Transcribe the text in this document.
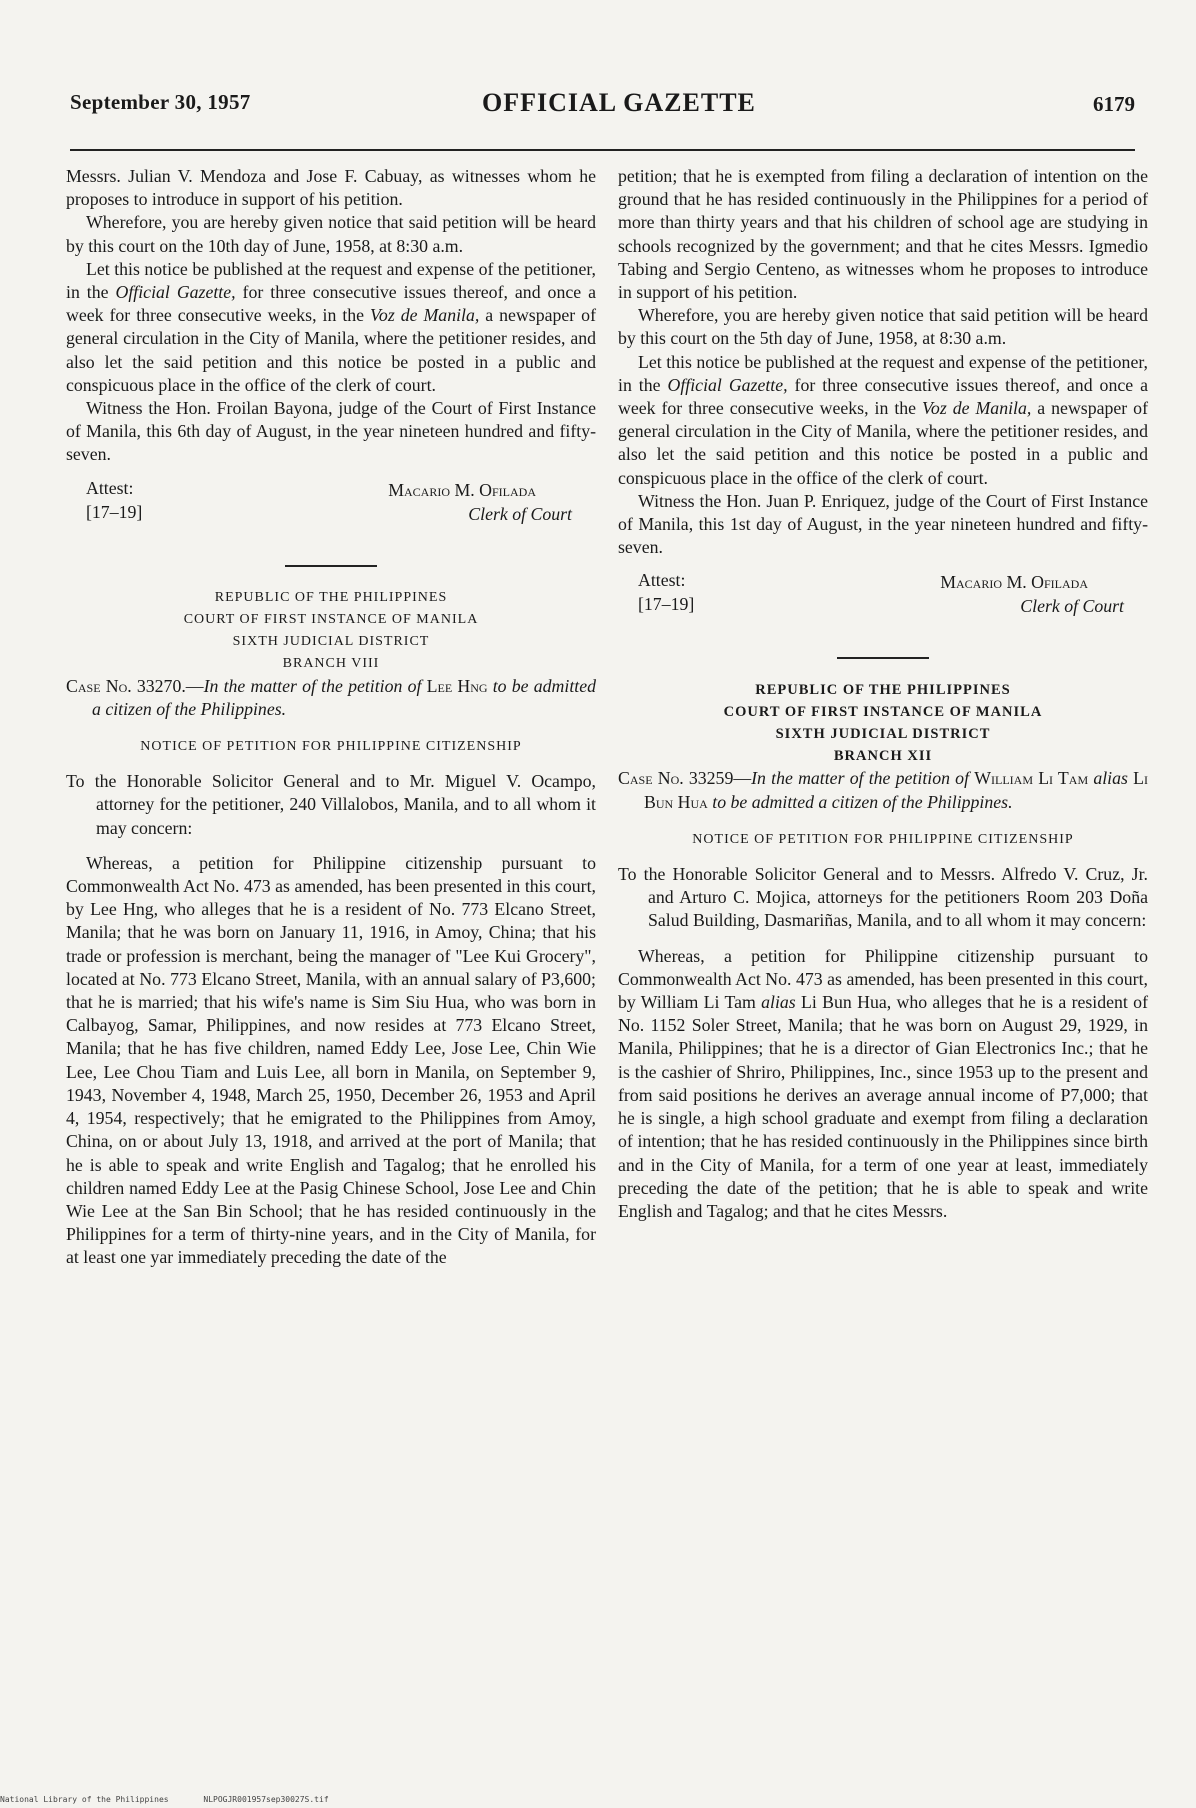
September 30, 1957	OFFICIAL GAZETTE	6179

Messrs. Julian V. Mendoza and Jose F. Cabuay, as witnesses whom he proposes to introduce in support of his petition.

Wherefore, you are hereby given notice that said petition will be heard by this court on the 10th day of June, 1958, at 8:30 a.m.

Let this notice be published at the request and expense of the petitioner, in the Official Gazette, for three consecutive issues thereof, and once a week for three consecutive weeks, in the Voz de Manila, a newspaper of general circulation in the City of Manila, where the petitioner resides, and also let the said petition and this notice be posted in a public and conspicuous place in the office of the clerk of court.

Witness the Hon. Froilan Bayona, judge of the Court of First Instance of Manila, this 6th day of August, in the year nineteen hundred and fifty-seven.

Attest:
[17–19]
Macario M. Ofilada
Clerk of Court
REPUBLIC OF THE PHILIPPINES
COURT OF FIRST INSTANCE OF MANILA
SIXTH JUDICIAL DISTRICT
BRANCH VIII

Case No. 33270.—In the matter of the petition of Lee Hng to be admitted a citizen of the Philippines.

NOTICE OF PETITION FOR PHILIPPINE CITIZENSHIP

To the Honorable Solicitor General and to Mr. Miguel V. Ocampo, attorney for the petitioner, 240 Villalobos, Manila, and to all whom it may concern:

Whereas, a petition for Philippine citizenship pursuant to Commonwealth Act No. 473 as amended, has been presented in this court, by Lee Hng, who alleges that he is a resident of No. 773 Elcano Street, Manila; that he was born on January 11, 1916, in Amoy, China; that his trade or profession is merchant, being the manager of "Lee Kui Grocery", located at No. 773 Elcano Street, Manila, with an annual salary of P3,600; that he is married; that his wife's name is Sim Siu Hua, who was born in Calbayog, Samar, Philippines, and now resides at 773 Elcano Street, Manila; that he has five children, named Eddy Lee, Jose Lee, Chin Wie Lee, Lee Chou Tiam and Luis Lee, all born in Manila, on September 9, 1943, November 4, 1948, March 25, 1950, December 26, 1953 and April 4, 1954, respectively; that he emigrated to the Philippines from Amoy, China, on or about July 13, 1918, and arrived at the port of Manila; that he is able to speak and write English and Tagalog; that he enrolled his children named Eddy Lee at the Pasig Chinese School, Jose Lee and Chin Wie Lee at the San Bin School; that he has resided continuously in the Philippines for a term of thirty-nine years, and in the City of Manila, for at least one yar immediately preceding the date of the

petition; that he is exempted from filing a declaration of intention on the ground that he has resided continuously in the Philippines for a period of more than thirty years and that his children of school age are studying in schools recognized by the government; and that he cites Messrs. Igmedio Tabing and Sergio Centeno, as witnesses whom he proposes to introduce in support of his petition.

Wherefore, you are hereby given notice that said petition will be heard by this court on the 5th day of June, 1958, at 8:30 a.m.

Let this notice be published at the request and expense of the petitioner, in the Official Gazette, for three consecutive issues thereof, and once a week for three consecutive weeks, in the Voz de Manila, a newspaper of general circulation in the City of Manila, where the petitioner resides, and also let the said petition and this notice be posted in a public and conspicuous place in the office of the clerk of court.

Witness the Hon. Juan P. Enriquez, judge of the Court of First Instance of Manila, this 1st day of August, in the year nineteen hundred and fifty-seven.

Attest:
[17–19]
Macario M. Ofilada
Clerk of Court
REPUBLIC OF THE PHILIPPINES
COURT OF FIRST INSTANCE OF MANILA
SIXTH JUDICIAL DISTRICT
BRANCH XII

Case No. 33259—In the matter of the petition of William Li Tam alias Li Bun Hua to be admitted a citizen of the Philippines.

NOTICE OF PETITION FOR PHILIPPINE CITIZENSHIP

To the Honorable Solicitor General and to Messrs. Alfredo V. Cruz, Jr. and Arturo C. Mojica, attorneys for the petitioners Room 203 Doña Salud Building, Dasmariñas, Manila, and to all whom it may concern:

Whereas, a petition for Philippine citizenship pursuant to Commonwealth Act No. 473 as amended, has been presented in this court, by William Li Tam alias Li Bun Hua, who alleges that he is a resident of No. 1152 Soler Street, Manila; that he was born on August 29, 1929, in Manila, Philippines; that he is a director of Gian Electronics Inc.; that he is the cashier of Shriro, Philippines, Inc., since 1953 up to the present and from said positions he derives an average annual income of P7,000; that he is single, a high school graduate and exempt from filing a declaration of intention; that he has resided continuously in the Philippines since birth and in the City of Manila, for a term of one year at least, immediately preceding the date of the petition; that he is able to speak and write English and Tagalog; and that he cites Messrs.

National Library of the Philippines	NLPOGJR001957sep30027S.tif
